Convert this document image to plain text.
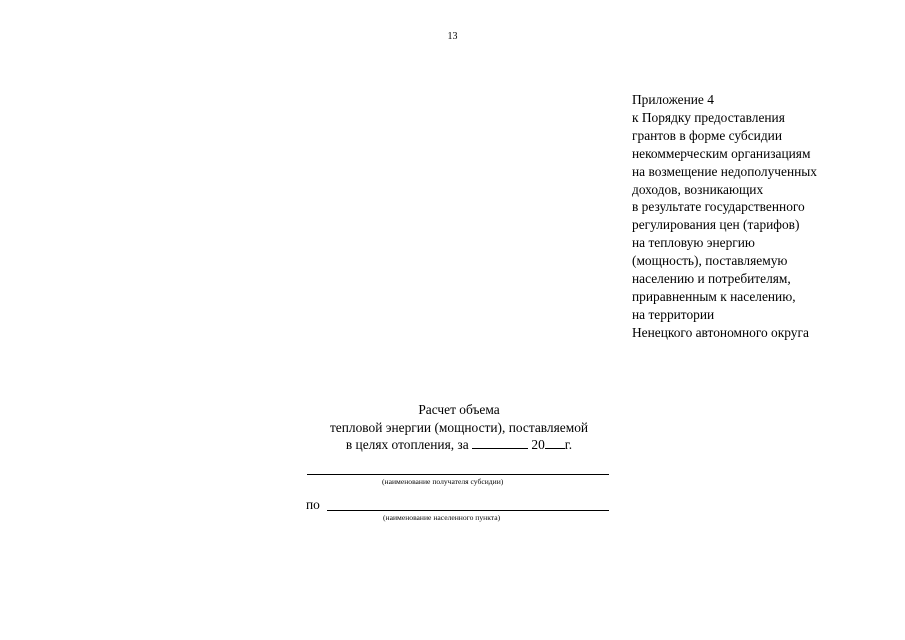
13
Приложение 4
к Порядку предоставления
грантов в форме субсидии
некоммерческим организациям
на возмещение недополученных
доходов, возникающих
в результате государственного
регулирования цен (тарифов)
на тепловую энергию
(мощность), поставляемую
населению и потребителям,
приравненным к населению,
на территории
Ненецкого автономного округа
Расчет объема
тепловой энергии (мощности), поставляемой
в целях отопления, за	20 г.
(наименование получателя субсидии)
по
(наименование населенного пункта)
